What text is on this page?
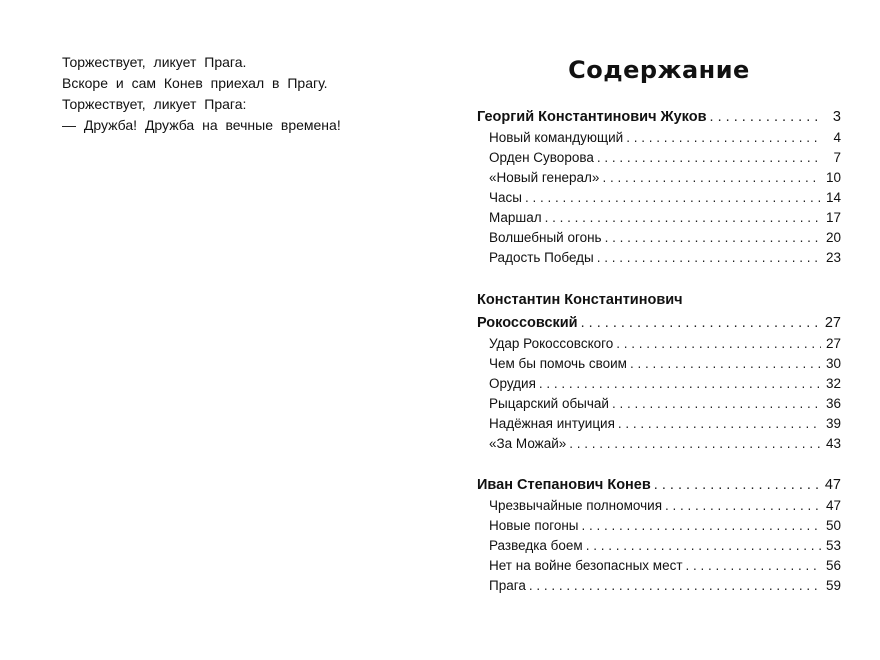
Торжествует, ликует Прага.

Вскоре и сам Конев приехал в Прагу.

Торжествует, ликует Прага:

— Дружба! Дружба на вечные времена!

Содержание
Георгий Константинович Жуков . . .	3
Новый командующий . . .	4
Орден Суворова . . .	7
«Новый генерал» . . .	10
Часы . . .	14
Маршал . . .	17
Волшебный огонь . . .	20
Радость Победы . . .	23
Константин Константинович
Рокоссовский . . .	27
Удар Рокоссовского . . .	27
Чем бы помочь своим . . .	30
Орудия . . .	32
Рыцарский обычай . . .	36
Надёжная интуиция . . .	39
«За Можай» . . .	43
Иван Степанович Конев . . .	47
Чрезвычайные полномочия . . .	47
Новые погоны . . .	50
Разведка боем . . .	53
Нет на войне безопасных мест . . .	56
Прага . . .	59
